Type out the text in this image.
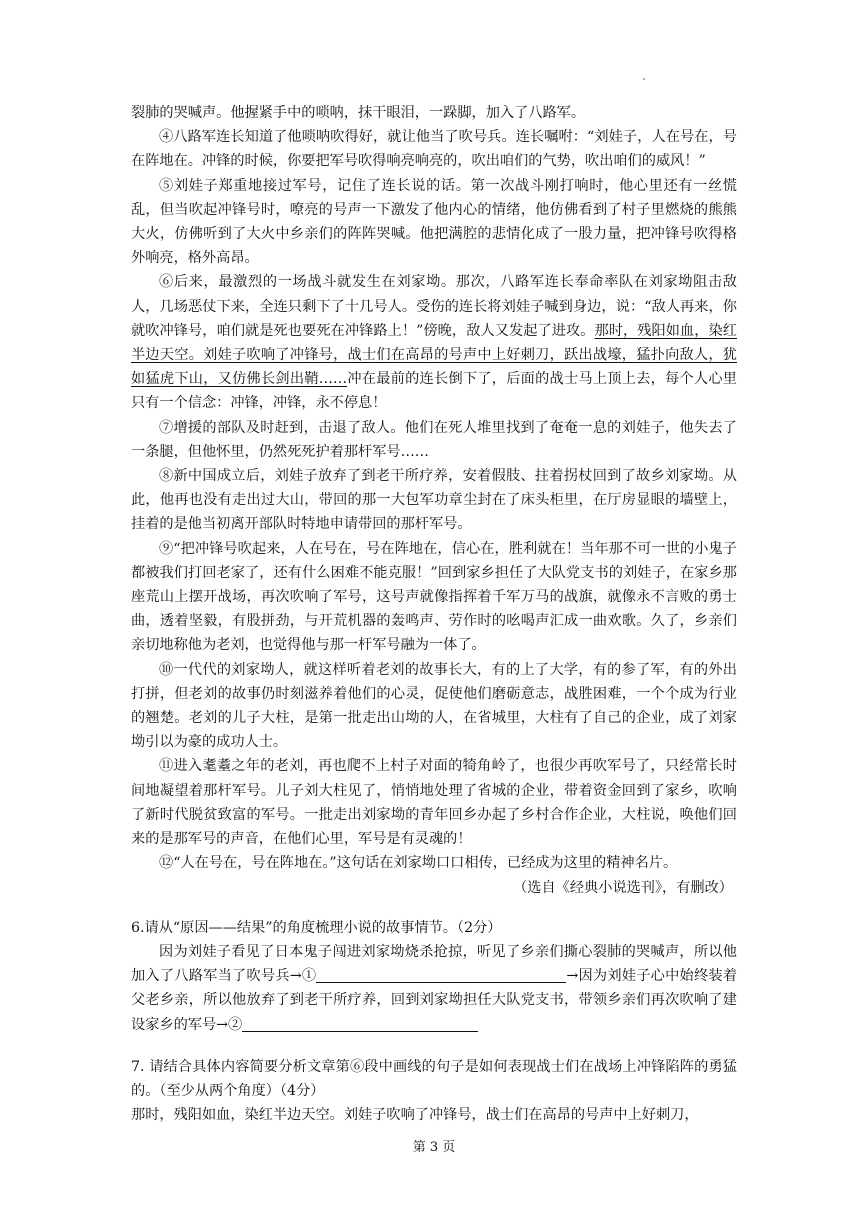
裂肺的哭喊声。他握紧手中的唢呐，抹干眼泪，一跺脚，加入了八路军。

④八路军连长知道了他唢呐吹得好，就让他当了吹号兵。连长嘱咐：“刘娃子，人在号在，号在阵地在。冲锋的时候，你要把军号吹得响亮响亮的，吹出咱们的气势，吹出咱们的威风！”

⑤刘娃子郑重地接过军号，记住了连长说的话。第一次战斗刚打响时，他心里还有一丝慌乱，但当吹起冲锋号时，嘹亮的号声一下激发了他内心的情绪，他仿佛看到了村子里燃烧的熊熊大火，仿佛听到了大火中乡亲们的阵阵哭喊。他把满腔的悲情化成了一股力量，把冲锋号吹得格外响亮，格外高昂。

⑥后来，最激烈的一场战斗就发生在刘家坳。那次，八路军连长奉命率队在刘家坳阻击敌人，几场恶仗下来，全连只剩下了十几号人。受伤的连长将刘娃子喊到身边，说：“敌人再来，你就吹冲锋号，咱们就是死也要死在冲锋路上！”傍晚，敌人又发起了进攻。那时，残阳如血，染红半边天空。刘娃子吹响了冲锋号，战士们在高昂的号声中上好刺刀，跃出战壕，猛扑向敌人，犹如猛虎下山，又仿佛长剑出鞘……冲在最前的连长倒下了，后面的战士马上顶上去，每个人心里只有一个信念：冲锋，冲锋，永不停息！

⑦增援的部队及时赶到，击退了敌人。他们在死人堆里找到了奄奄一息的刘娃子，他失去了一条腿，但他怀里，仍然死死护着那杆军号……

⑧新中国成立后，刘娃子放弃了到老干所疗养，安着假肢、拄着拐杖回到了故乡刘家坳。从此，他再也没有走出过大山，带回的那一大包军功章尘封在了床头柜里，在厅房显眼的墙壁上，挂着的是他当初离开部队时特地申请带回的那杆军号。

⑨“把冲锋号吹起来，人在号在，号在阵地在，信心在，胜利就在！当年那不可一世的小鬼子都被我们打回老家了，还有什么困难不能克服！”回到家乡担任了大队党支书的刘娃子，在家乡那座荒山上摆开战场，再次吹响了军号，这号声就像指挥着千军万马的战旗，就像永不言败的勇士曲，透着坚毅，有股拼劲，与开荒机器的轰鸣声、劳作时的吆喝声汇成一曲欢歌。久了，乡亲们亲切地称他为老刘，也觉得他与那一杆军号融为一体了。

⑩一代代的刘家坳人，就这样听着老刘的故事长大，有的上了大学，有的参了军，有的外出打拼，但老刘的故事仍时刻滋养着他们的心灵，促使他们磨砺意志，战胜困难，一个个成为行业的翘楚。老刘的儿子大柱，是第一批走出山坳的人，在省城里，大柱有了自己的企业，成了刘家坳引以为豪的成功人士。

⑪进入耄耋之年的老刘，再也爬不上村子对面的犄角岭了，也很少再吹军号了，只经常长时间地凝望着那杆军号。儿子刘大柱见了，悄悄地处理了省城的企业，带着资金回到了家乡，吹响了新时代脱贫致富的军号。一批走出刘家坳的青年回乡办起了乡村合作企业，大柱说，唤他们回来的是那军号的声音，在他们心里，军号是有灵魂的！

⑫“人在号在，号在阵地在。”这句话在刘家坳口口相传，已经成为这里的精神名片。

（选自《经典小说选刊》，有删改）

6.请从“原因——结果”的角度梳理小说的故事情节。（2分）

因为刘娃子看见了日本鬼子闯进刘家坳烧杀抢掠，听见了乡亲们撕心裂肺的哭喊声，所以他加入了八路军当了吹号兵→①	→因为刘娃子心中始终装着父老乡亲，所以他放弃了到老干所疗养，回到刘家坳担任大队党支书，带领乡亲们再次吹响了建设家乡的军号→②

7. 请结合具体内容简要分析文章第⑥段中画线的句子是如何表现战士们在战场上冲锋陷阵的勇猛的。（至少从两个角度）（4分）

那时，残阳如血，染红半边天空。刘娃子吹响了冲锋号，战士们在高昂的号声中上好刺刀，

第 3 页
